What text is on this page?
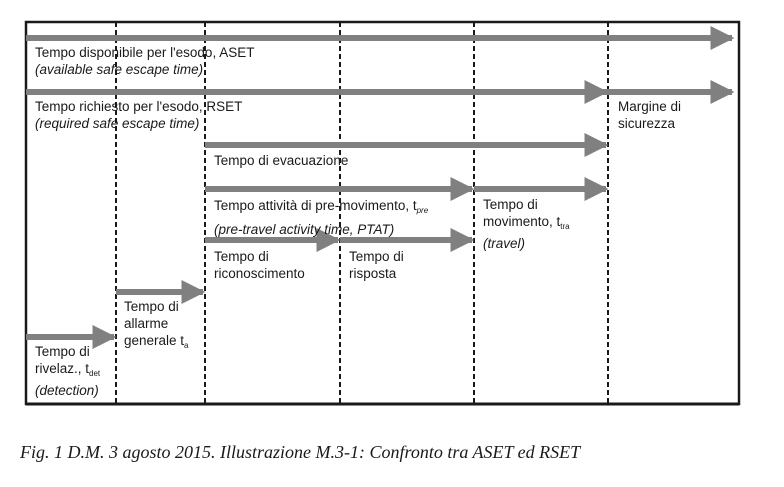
Tempo disponibile per l'esodo, ASET
(available safe escape time)
Tempo richiesto per l'esodo, RSET
(required safe escape time)
Margine di
sicurezza
Tempo di evacuazione
Tempo attività di pre-movimento, $t_{pre}$
(pre-travel activity time, PTAT)
Tempo di
movimento, $t_{tra}$
(travel)
Tempo di
riconoscimento
Tempo di
risposta
Tempo di
allarme
generale $t_a$
Tempo di
rivelaz., $t_{det}$
(detection)
Fig. 1 D.M. 3 agosto 2015. Illustrazione M.3-1: Confronto tra ASET ed RSET
